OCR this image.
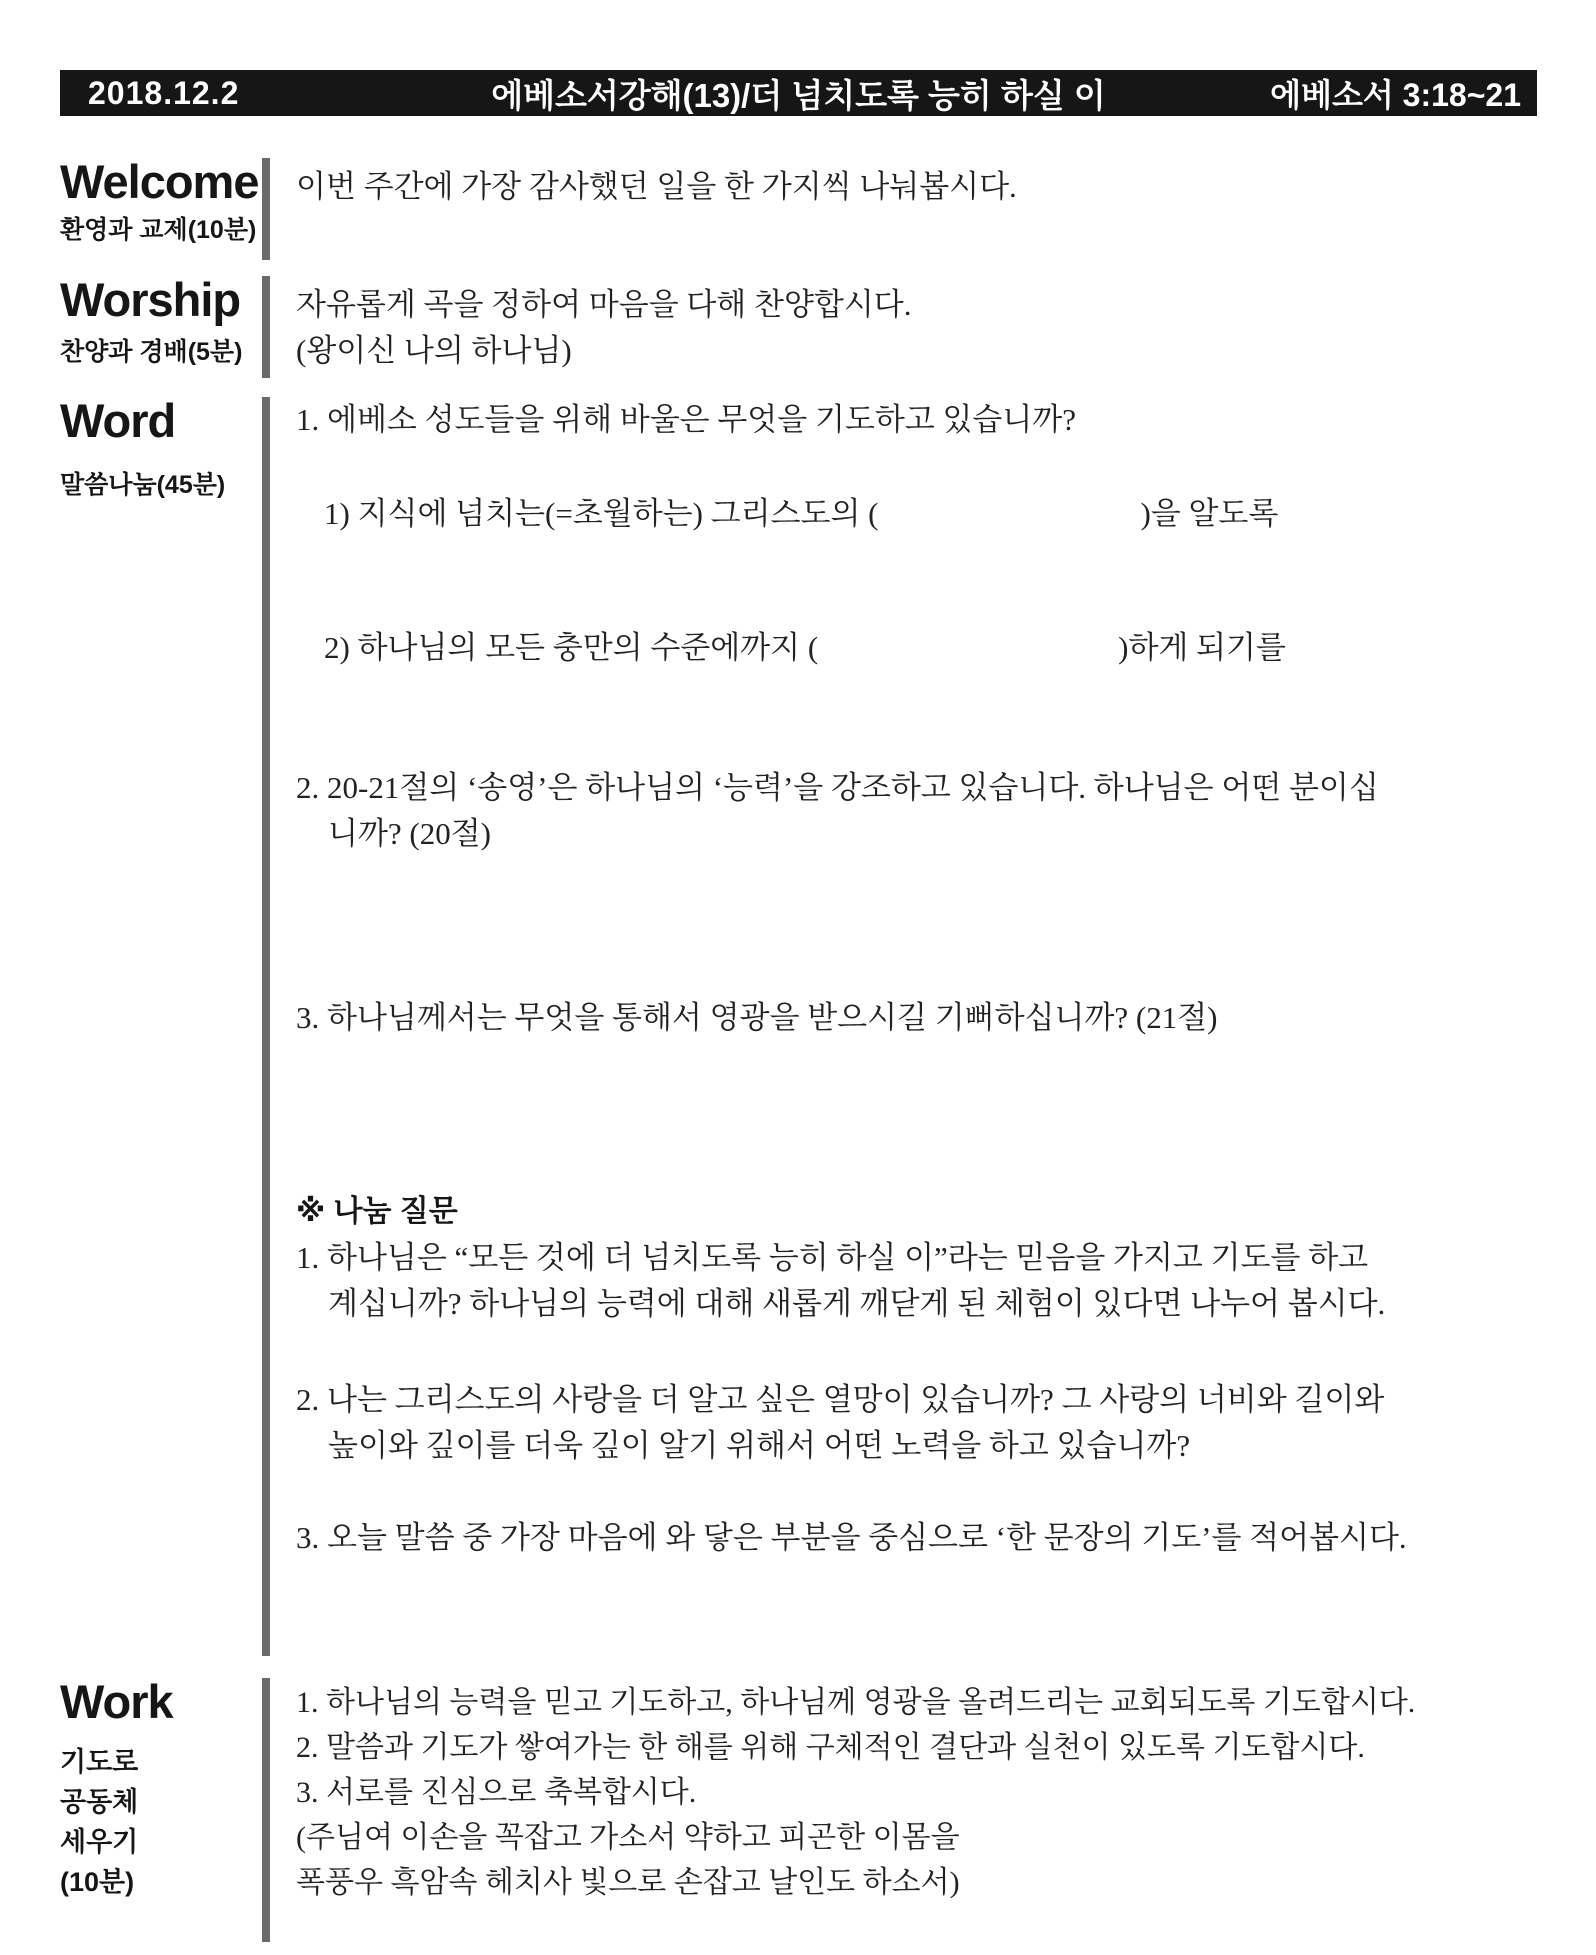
2018.12.2	에베소서강해(13)/더 넘치도록 능히 하실 이	에베소서 3:18~21
Welcome
환영과 교제(10분)
이번 주간에 가장 감사했던 일을 한 가지씩 나눠봅시다.
Worship
찬양과 경배(5분)
자유롭게 곡을 정하여 마음을 다해 찬양합시다.
(왕이신 나의 하나님)
Word
말씀나눔(45분)
1. 에베소 성도들을 위해 바울은 무엇을 기도하고 있습니까?
1) 지식에 넘치는(=초월하는) 그리스도의 (	)을 알도록
2) 하나님의 모든 충만의 수준에까지 (	)하게 되기를
2. 20-21절의 ‘송영’은 하나님의 ‘능력’을 강조하고 있습니다. 하나님은 어떤 분이십
니까? (20절)
3. 하나님께서는 무엇을 통해서 영광을 받으시길 기뻐하십니까? (21절)
※ 나눔 질문
1. 하나님은 “모든 것에 더 넘치도록 능히 하실 이”라는 믿음을 가지고 기도를 하고
계십니까? 하나님의 능력에 대해 새롭게 깨닫게 된 체험이 있다면 나누어 봅시다.
2. 나는 그리스도의 사랑을 더 알고 싶은 열망이 있습니까? 그 사랑의 너비와 길이와
높이와 깊이를 더욱 깊이 알기 위해서 어떤 노력을 하고 있습니까?
3. 오늘 말씀 중 가장 마음에 와 닿은 부분을 중심으로 ‘한 문장의 기도’를 적어봅시다.
Work
기도로
공동체
세우기
(10분)
1. 하나님의 능력을 믿고 기도하고, 하나님께 영광을 올려드리는 교회되도록 기도합시다.
2. 말씀과 기도가 쌓여가는 한 해를 위해 구체적인 결단과 실천이 있도록 기도합시다.
3. 서로를 진심으로 축복합시다.
(주님여 이손을 꼭잡고 가소서 약하고 피곤한 이몸을
폭풍우 흑암속 헤치사 빛으로 손잡고 날인도 하소서)
